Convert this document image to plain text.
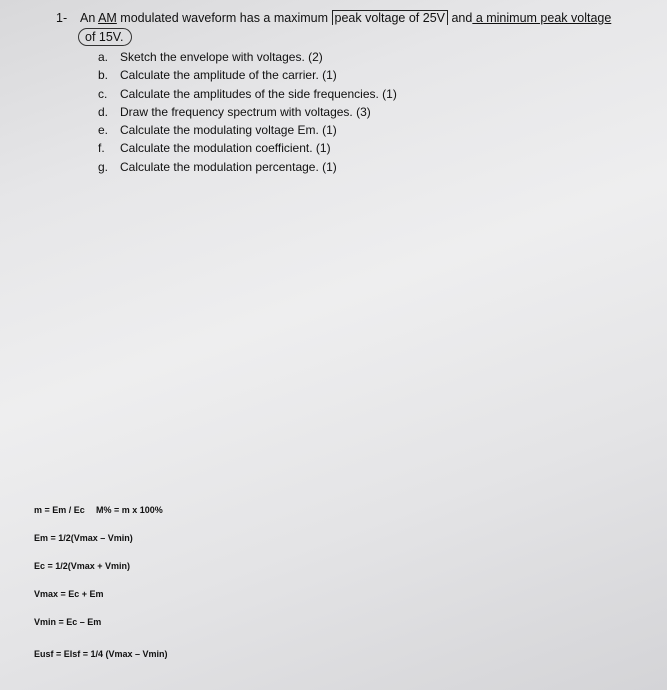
1- An AM modulated waveform has a maximum peak voltage of 25V and a minimum peak voltage
of 15V.
a. Sketch the envelope with voltages. (2)
b. Calculate the amplitude of the carrier. (1)
c.	Calculate the amplitudes of the side frequencies. (1)
d. Draw the frequency spectrum with voltages. (3)
e. Calculate the modulating voltage Em. (1)
f.	Calculate the modulation coefficient. (1)
g. Calculate the modulation percentage. (1)
m = Em / Ec M% = m x 100%
Em = 1/2(Vmax – Vmin)
Ec = 1/2(Vmax + Vmin)
Vmax = Ec + Em
Vmin = Ec – Em
Eusf = Elsf = 1/4 (Vmax – Vmin)
